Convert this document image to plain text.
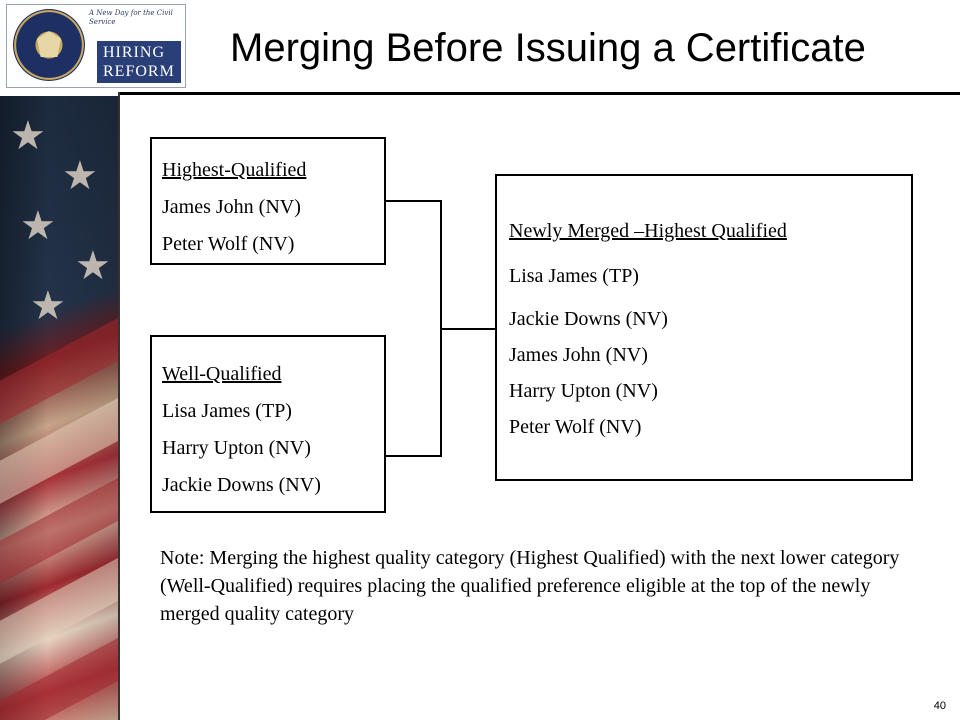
★
★
★
★
★
A New Day for the Civil Service
HIRING
REFORM
Merging Before Issuing a Certificate
Highest-Qualified
James John (NV)
Peter Wolf (NV)
Well-Qualified
Lisa James (TP)
Harry Upton (NV)
Jackie Downs (NV)
Newly Merged –Highest Qualified
Lisa James (TP)
Jackie Downs (NV)
James John (NV)
Harry Upton (NV)
Peter Wolf (NV)
Note: Merging the highest quality category (Highest Qualified) with the next lower category (Well-Qualified) requires placing the qualified preference eligible at the top of the newly merged quality category
40
